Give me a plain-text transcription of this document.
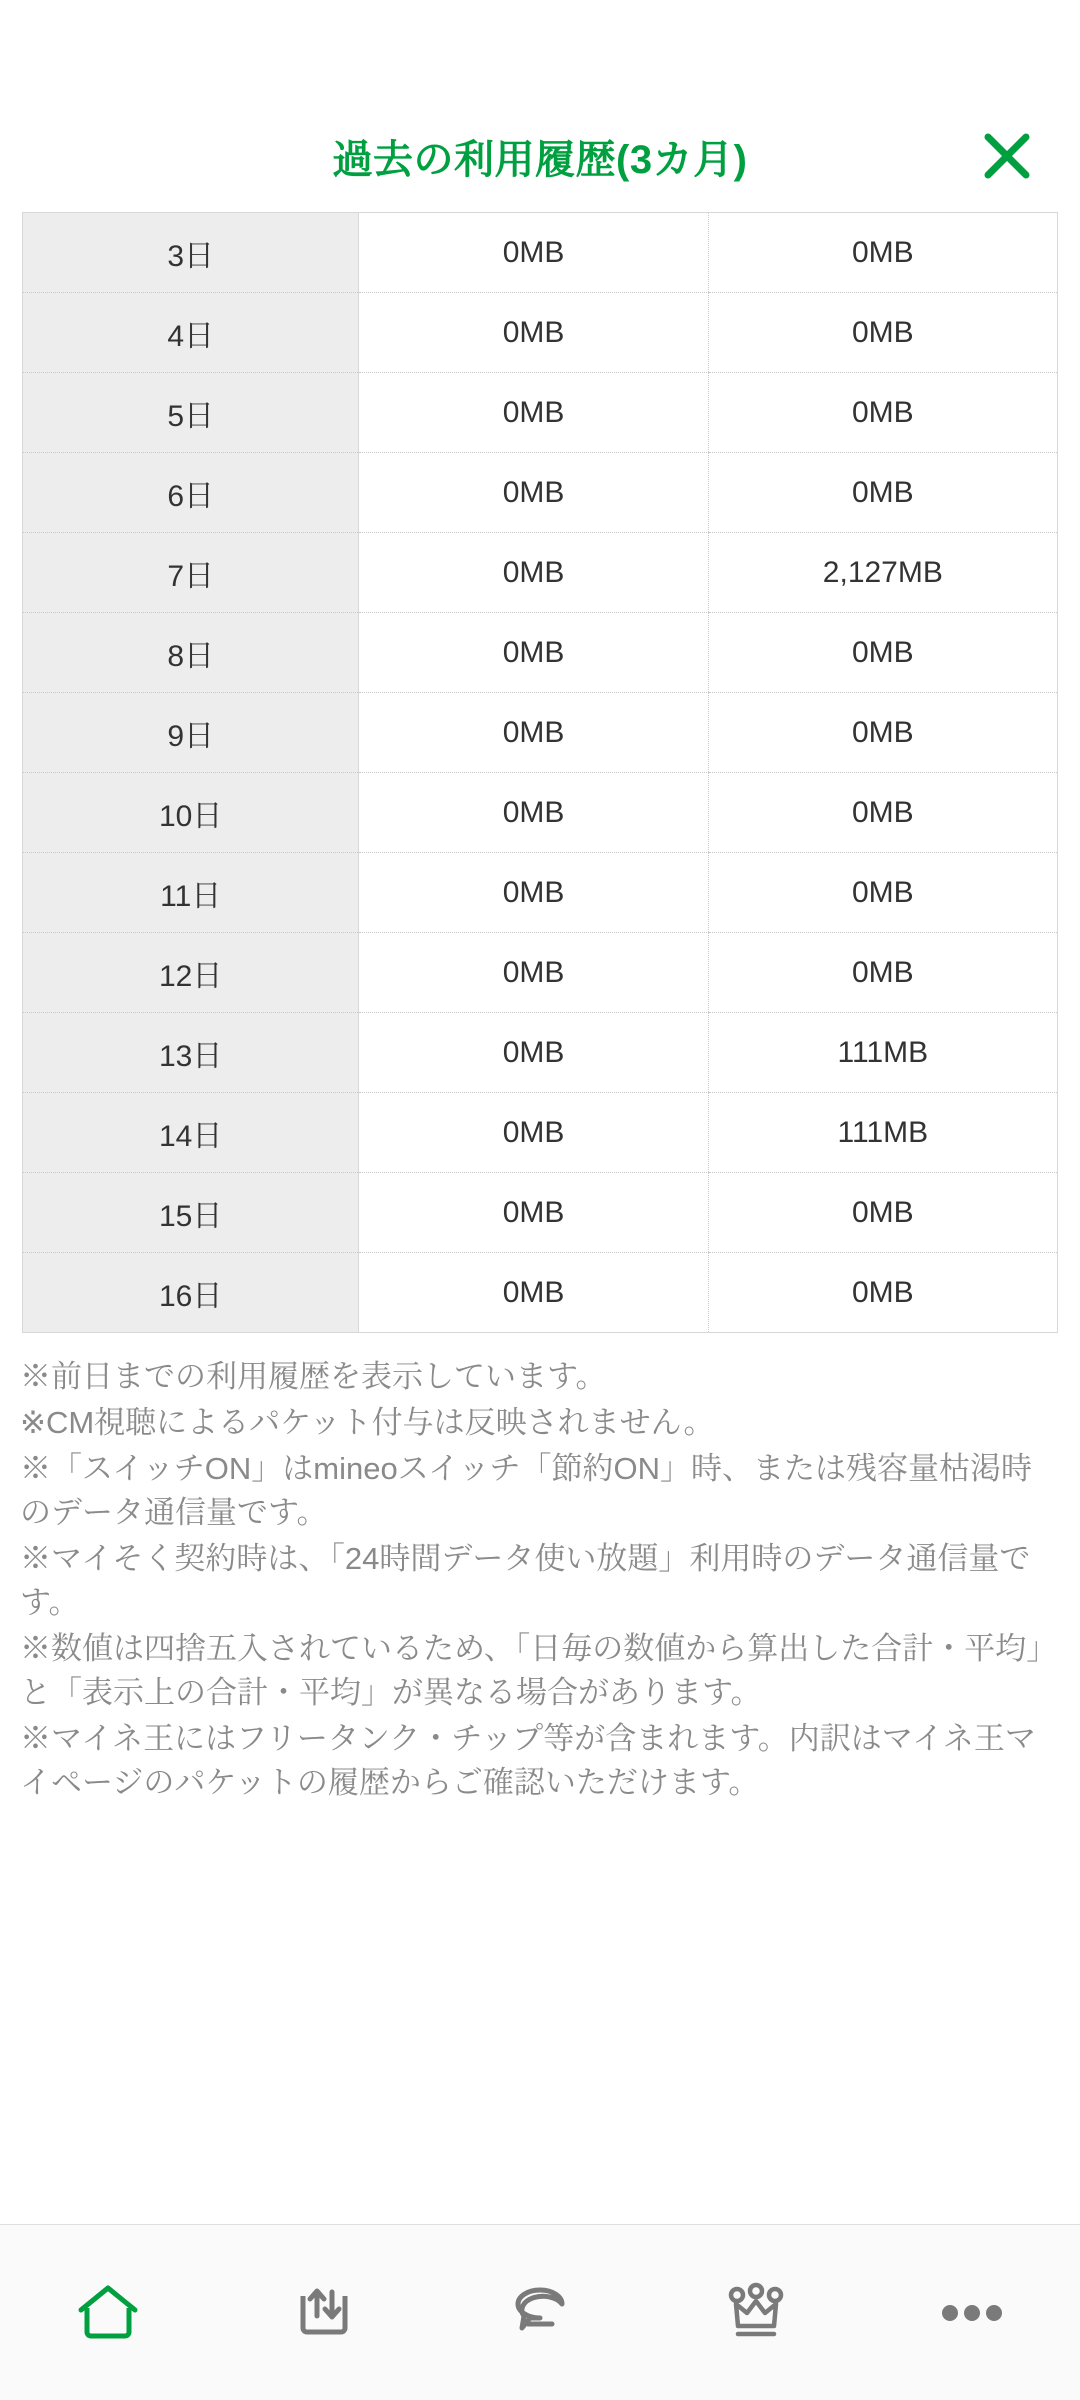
過去の利用履歴(3カ月)
3日	0MB	0MB
4日	0MB	0MB
5日	0MB	0MB
6日	0MB	0MB
7日	0MB	2,127MB
8日	0MB	0MB
9日	0MB	0MB
10日	0MB	0MB
11日	0MB	0MB
12日	0MB	0MB
13日	0MB	111MB
14日	0MB	111MB
15日	0MB	0MB
16日	0MB	0MB

※前日までの利用履歴を表示しています。

※CM視聴によるパケット付与は反映されません。

※「スイッチON」はmineoスイッチ「節約ON」時、または残容量枯渇時のデータ通信量です。

※マイそく契約時は、「24時間データ使い放題」利用時のデータ通信量です。

※数値は四捨五入されているため、「日毎の数値から算出した合計・平均」と「表示上の合計・平均」が異なる場合があります。

※マイネ王にはフリータンク・チップ等が含まれます。内訳はマイネ王マイページのパケットの履歴からご確認いただけます。
